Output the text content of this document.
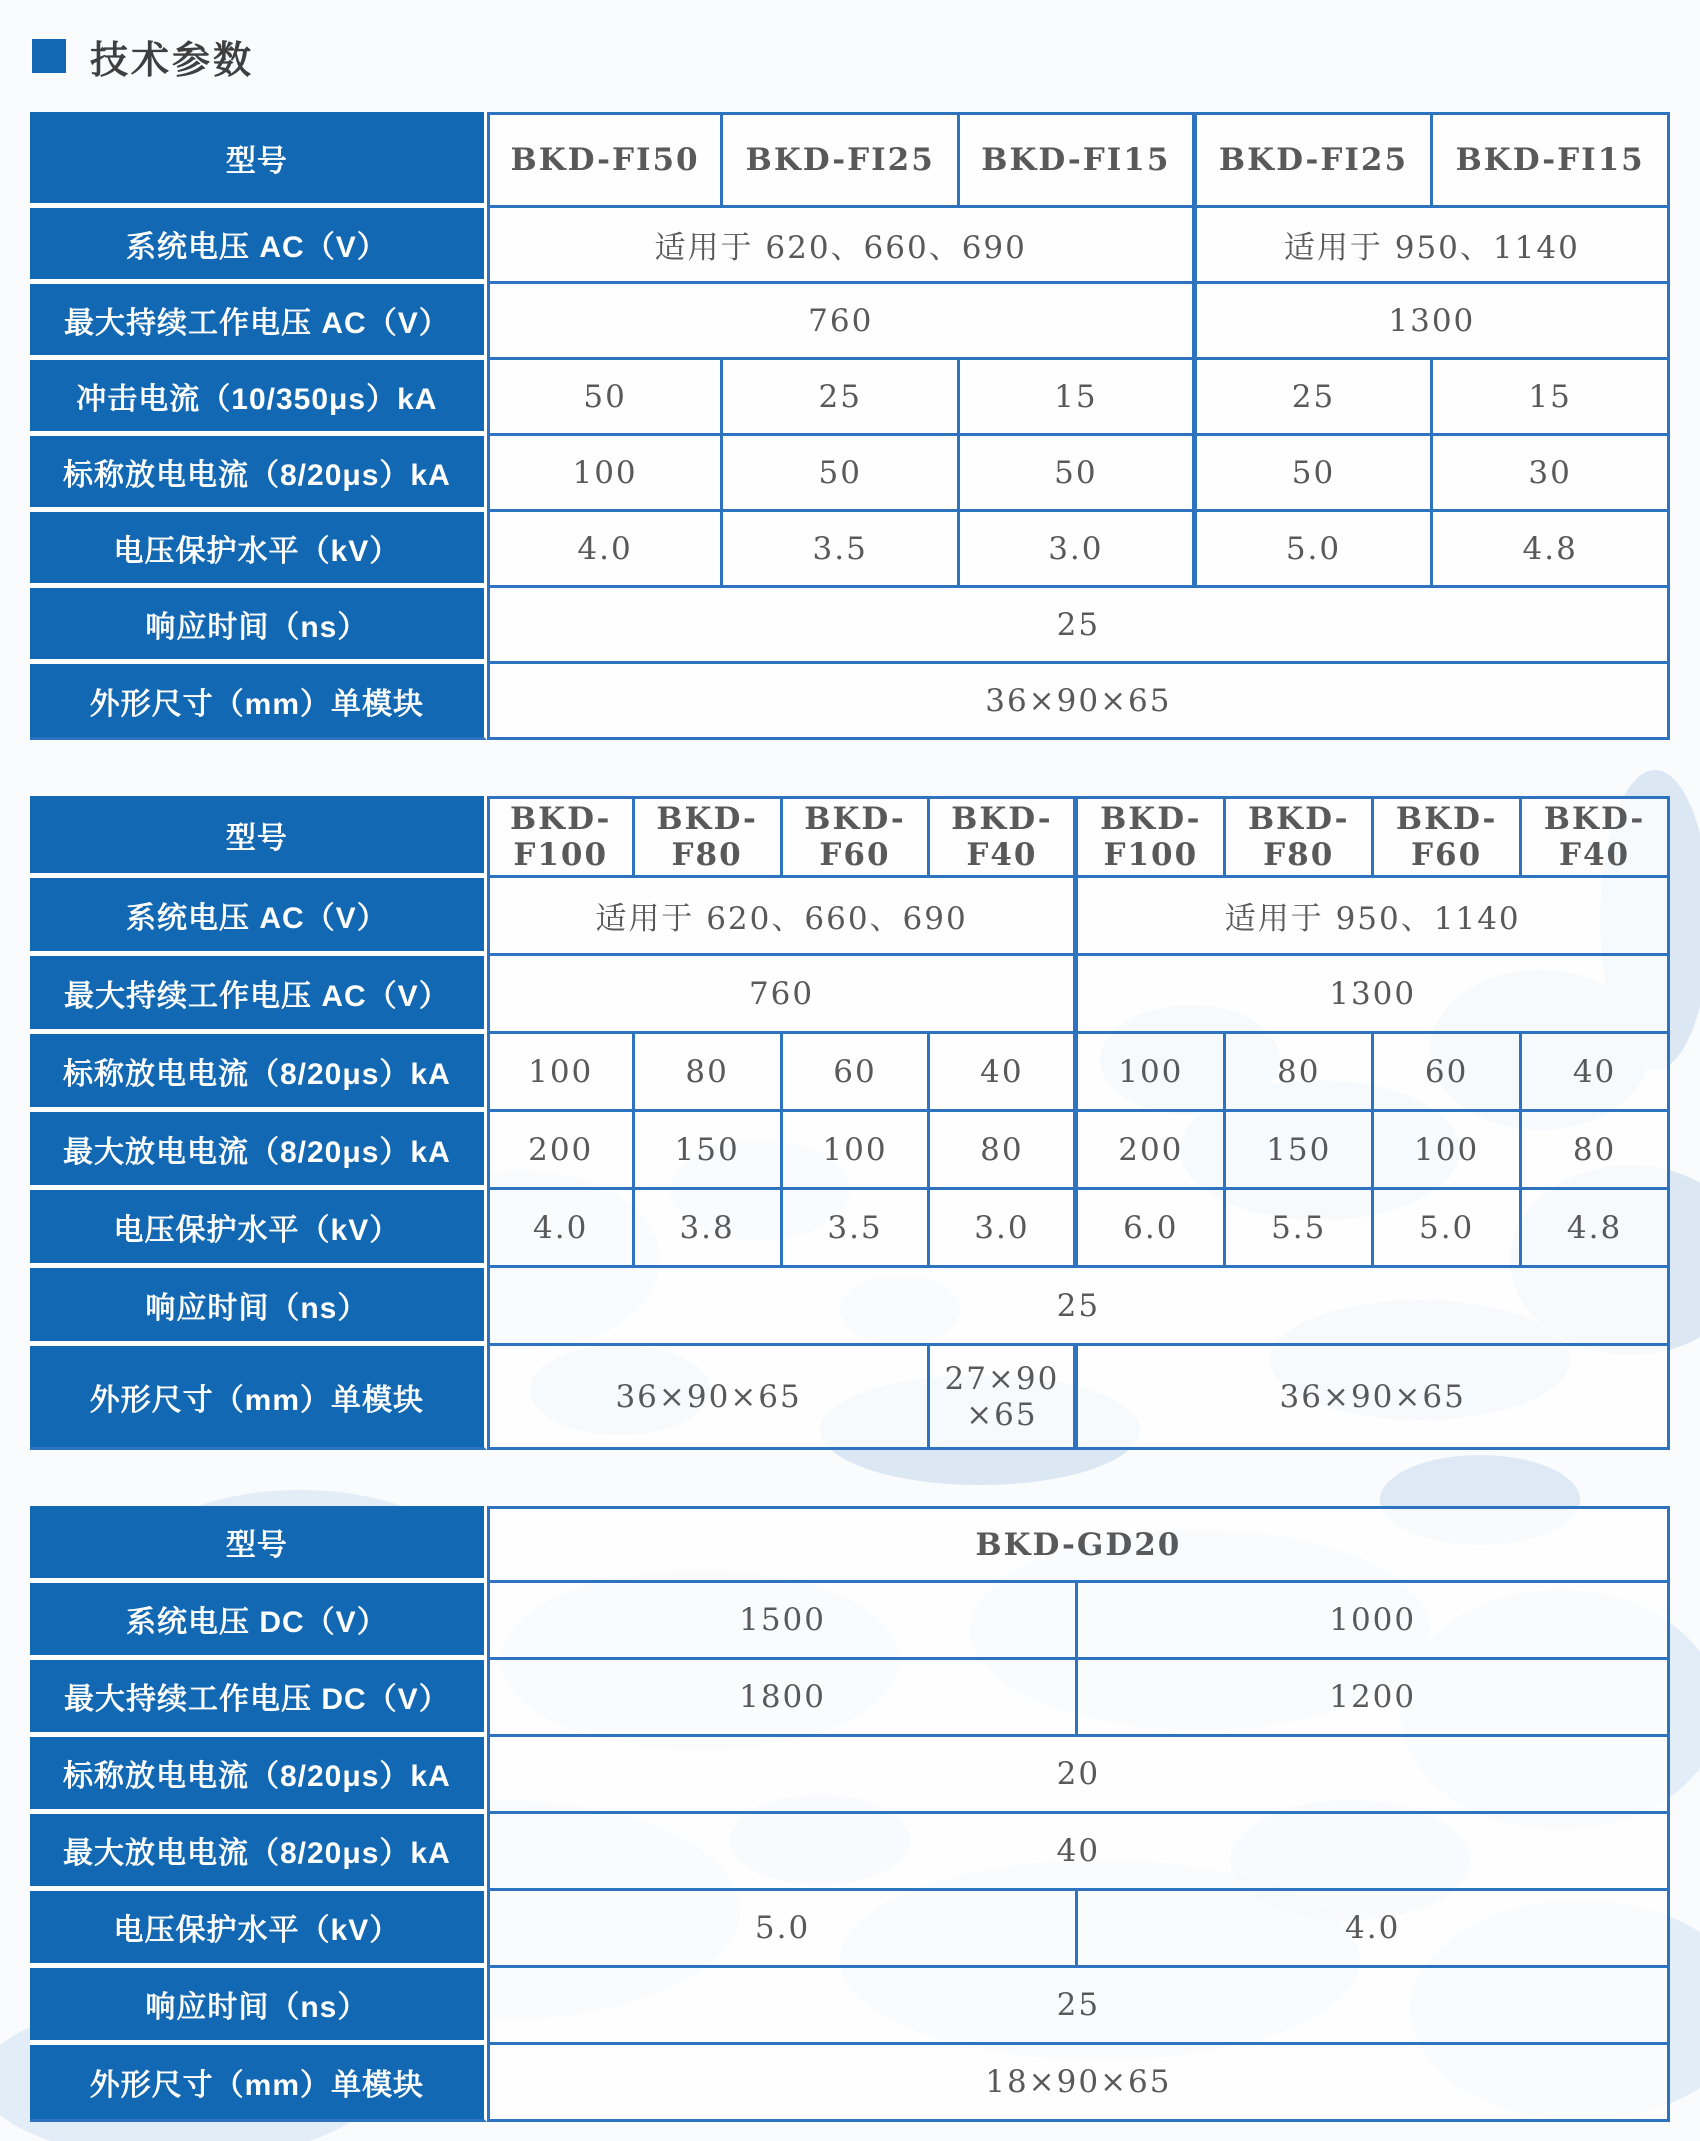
技术参数
型号	BKD-FI50	BKD-FI25	BKD-FI15	BKD-FI25	BKD-FI15
系统电压 AC（V）	适用于 620、660、690			适用于 950、1140	
最大持续工作电压 AC（V）	760			1300	
冲击电流（10/350μs）kA	50	25	15	25	15
标称放电电流（8/20μs）kA	100	50	50	50	30
电压保护水平（kV）	4.0	3.5	3.0	5.0	4.8
响应时间（ns）	25				
外形尺寸（mm）单模块	36×90×65				
型号	BKD-F100	BKD-F80	BKD-F60	BKD-F40	BKD-F100	BKD-F80	BKD-F60	BKD-F40
系统电压 AC（V）	适用于 620、660、690				适用于 950、1140			
最大持续工作电压 AC（V）	760				1300			
标称放电电流（8/20μs）kA	100	80	60	40	100	80	60	40
最大放电电流（8/20μs）kA	200	150	100	80	200	150	100	80
电压保护水平（kV）	4.0	3.8	3.5	3.0	6.0	5.5	5.0	4.8
响应时间（ns）	25							
外形尺寸（mm）单模块	36×90×65			27×90×65	36×90×65			
型号	BKD-GD20	
系统电压 DC（V）	1500	1000
最大持续工作电压 DC（V）	1800	1200
标称放电电流（8/20μs）kA	20	
最大放电电流（8/20μs）kA	40	
电压保护水平（kV）	5.0	4.0
响应时间（ns）	25	
外形尺寸（mm）单模块	18×90×65	
